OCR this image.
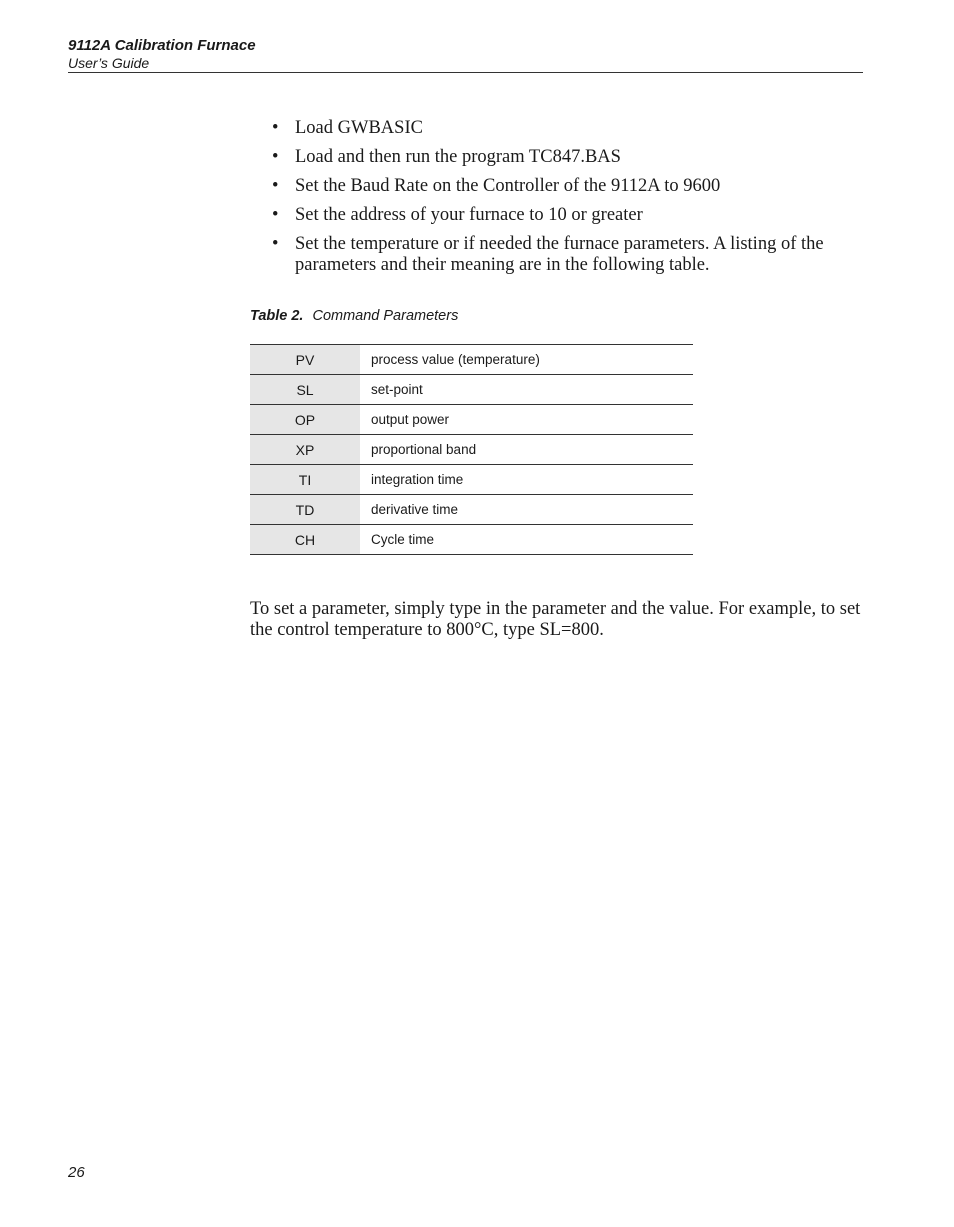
9112A Calibration Furnace
User’s Guide
• Load GWBASIC
• Load and then run the program TC847.BAS
• Set the Baud Rate on the Controller of the 9112A to 9600
• Set the address of your furnace to 10 or greater
• Set the temperature or if needed the furnace parameters. A listing of the parameters and their meaning are in the following table.
Table 2. Command Parameters
PV	process value (temperature)
SL	set-point
OP	output power
XP	proportional band
TI	integration time
TD	derivative time
CH	Cycle time

To set a parameter, simply type in the parameter and the value. For example, to set the control temperature to 800°C, type SL=800.

26
